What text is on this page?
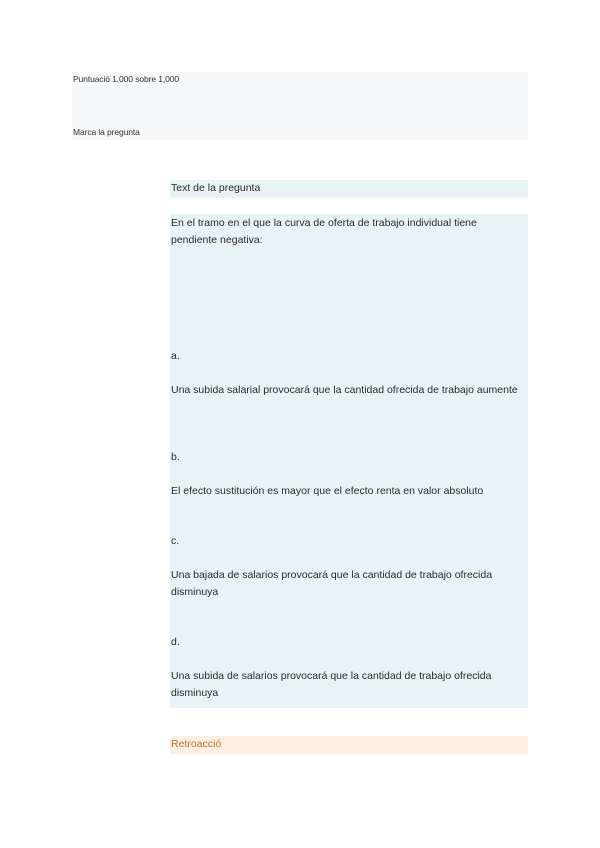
Puntuació 1,000 sobre 1,000
Marca la pregunta
Text de la pregunta
En el tramo en el que la curva de oferta de trabajo individual tiene pendiente negativa:
a.
Una subida salarial provocará que la cantidad ofrecida de trabajo aumente
b.
El efecto sustitución es mayor que el efecto renta en valor absoluto
c.
Una bajada de salarios provocará que la cantidad de trabajo ofrecida disminuya
d.
Una subida de salarios provocará que la cantidad de trabajo ofrecida disminuya
Retroacció
